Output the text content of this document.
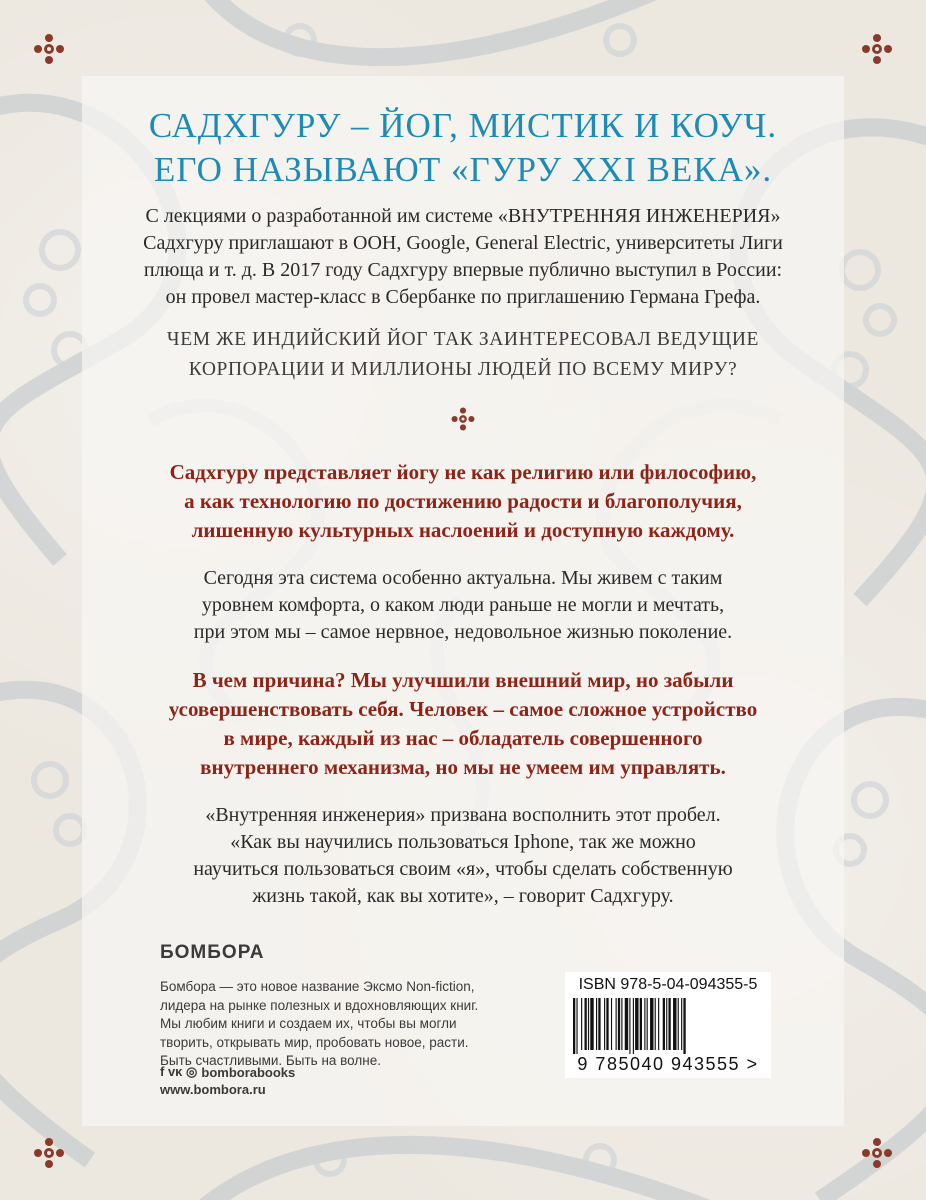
САДХГУРУ – ЙОГ, МИСТИК И КОУЧ.
ЕГО НАЗЫВАЮТ «ГУРУ XXI ВЕКА».
С лекциями о разработанной им системе «ВНУТРЕННЯЯ ИНЖЕНЕРИЯ»
Садхгуру приглашают в ООН, Google, General Electric, университеты Лиги
плюща и т. д. В 2017 году Садхгуру впервые публично выступил в России:
он провел мастер-класс в Сбербанке по приглашению Германа Грефа.
ЧЕМ ЖЕ ИНДИЙСКИЙ ЙОГ ТАК ЗАИНТЕРЕСОВАЛ ВЕДУЩИЕ
КОРПОРАЦИИ И МИЛЛИОНЫ ЛЮДЕЙ ПО ВСЕМУ МИРУ?
Садхгуру представляет йогу не как религию или философию,
а как технологию по достижению радости и благополучия,
лишенную культурных наслоений и доступную каждому.
Сегодня эта система особенно актуальна. Мы живем с таким
уровнем комфорта, о каком люди раньше не могли и мечтать,
при этом мы – самое нервное, недовольное жизнью поколение.
В чем причина? Мы улучшили внешний мир, но забыли
усовершенствовать себя. Человек – самое сложное устройство
в мире, каждый из нас – обладатель совершенного
внутреннего механизма, но мы не умеем им управлять.
«Внутренняя инженерия» призвана восполнить этот пробел.
«Как вы научились пользоваться Iphone, так же можно
научиться пользоваться своим «я», чтобы сделать собственную
жизнь такой, как вы хотите», – говорит Садхгуру.
БОМБОРА
Бомбора — это новое название Эксмо Non-fiction,
лидера на рынке полезных и вдохновляющих книг.
Мы любим книги и создаем их, чтобы вы могли
творить, открывать мир, пробовать новое, расти.
Быть счастливыми. Быть на волне.
f ᴠᴋ ◎ bomborabooks
www.bombora.ru
ISBN 978-5-04-094355-5
9 785040 943555 >
